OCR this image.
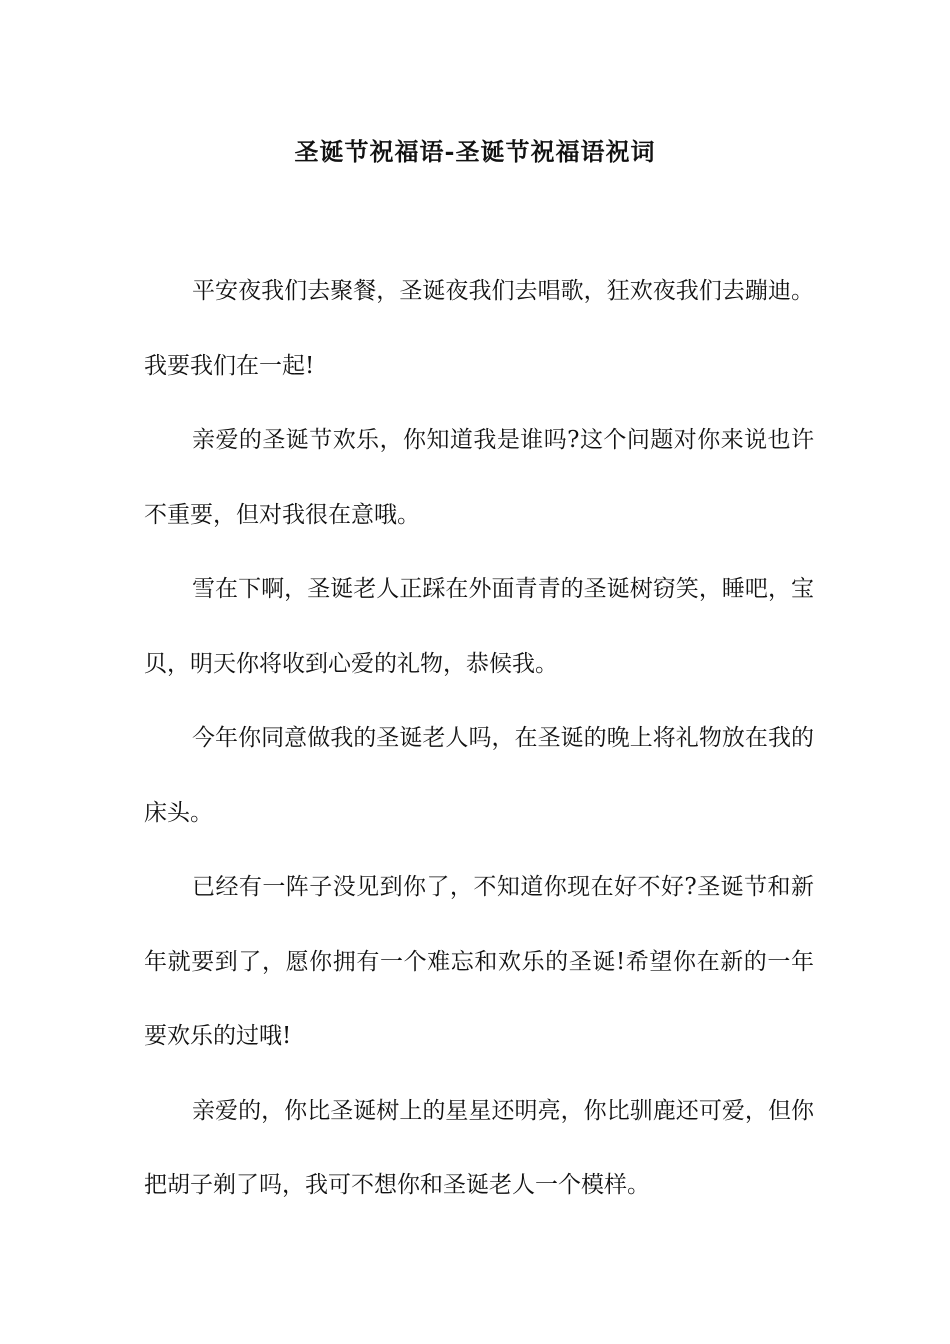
圣诞节祝福语-圣诞节祝福语祝词

平安夜我们去聚餐，圣诞夜我们去唱歌，狂欢夜我们去蹦迪。我要我们在一起!

亲爱的圣诞节欢乐，你知道我是谁吗?这个问题对你来说也许不重要，但对我很在意哦。

雪在下啊，圣诞老人正踩在外面青青的圣诞树窃笑，睡吧，宝贝，明天你将收到心爱的礼物，恭候我。

今年你同意做我的圣诞老人吗，在圣诞的晚上将礼物放在我的床头。

已经有一阵子没见到你了，不知道你现在好不好?圣诞节和新年就要到了，愿你拥有一个难忘和欢乐的圣诞!希望你在新的一年要欢乐的过哦!

亲爱的，你比圣诞树上的星星还明亮，你比驯鹿还可爱，但你把胡子剃了吗，我可不想你和圣诞老人一个模样。
